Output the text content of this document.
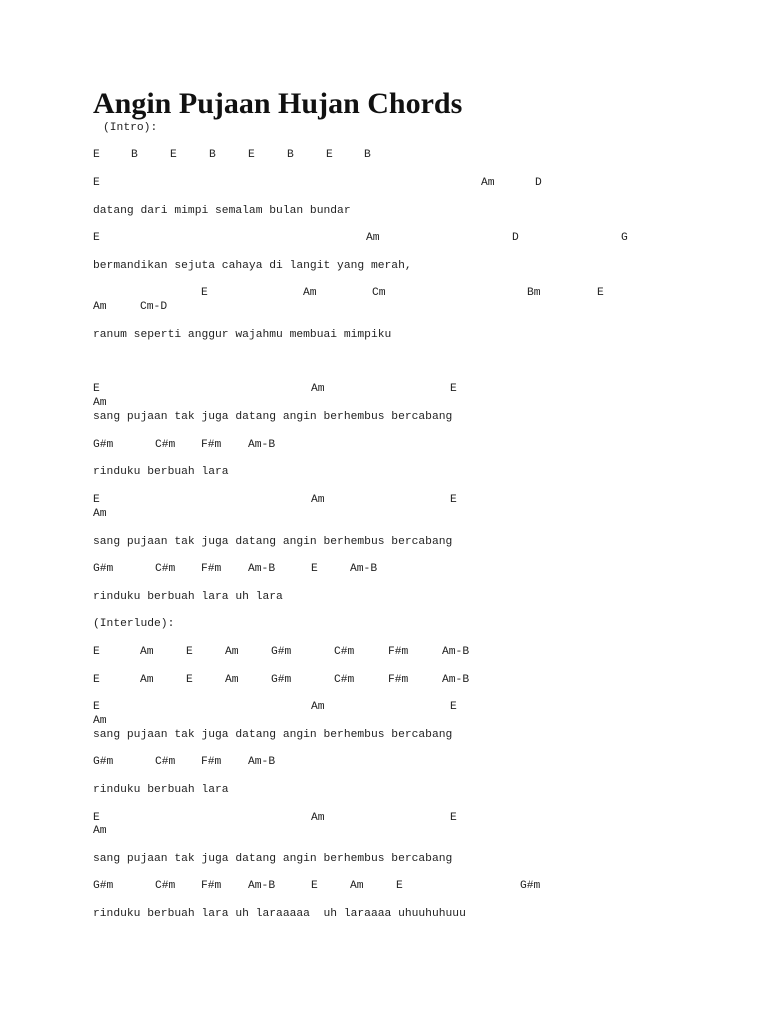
Angin Pujaan Hujan Chords
(Intro):
E	B	E	B	E	B	E	B
E	Am	D
datang dari mimpi semalam bulan bundar
E	Am	D	G
bermandikan sejuta cahaya di langit yang merah,
E	Am	Cm	Bm	E
Am	Cm-D
ranum seperti anggur wajahmu membuai mimpiku
E	Am	E
Am
sang pujaan tak juga datang angin berhembus bercabang
G#m	C#m F#m Am-B
rinduku berbuah lara
E	Am	E
Am
sang pujaan tak juga datang angin berhembus bercabang
G#m	C#m F#m Am-B	E	Am-B
rinduku berbuah lara uh lara
(Interlude):
E	Am	E	Am	G#m	C#m	F#m	Am-B
E	Am	E	Am	G#m	C#m	F#m	Am-B
E	Am	E
Am
sang pujaan tak juga datang angin berhembus bercabang
G#m	C#m F#m Am-B
rinduku berbuah lara
E	Am	E
Am
sang pujaan tak juga datang angin berhembus bercabang
G#m	C#m F#m Am-B	E	Am	E	G#m
rinduku berbuah lara uh laraaaaa  uh laraaaa uhuuhuhuuu
